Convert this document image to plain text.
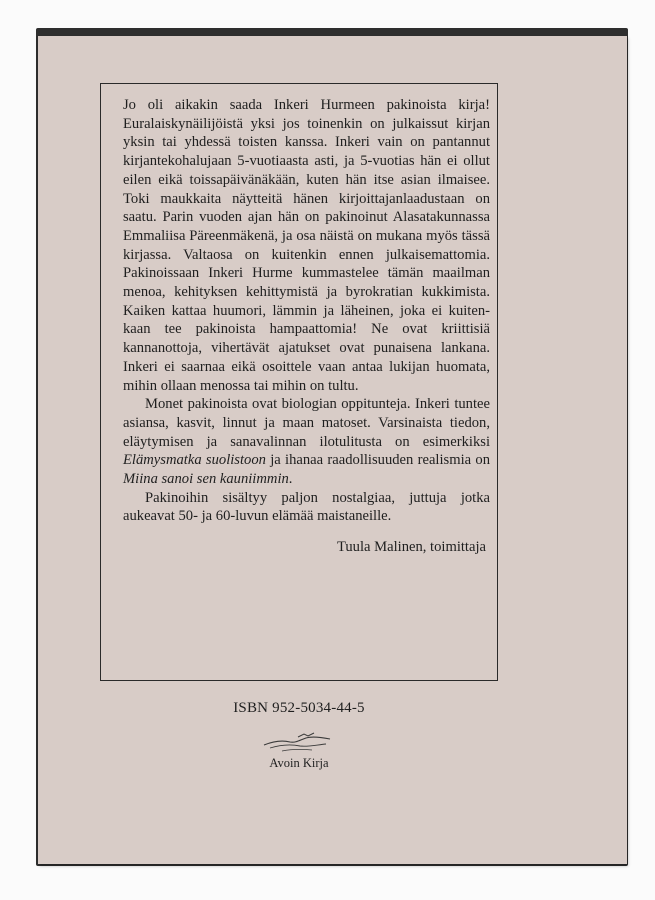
Jo oli aikakin saada Inkeri Hurmeen pakinoista kirja! Euralaiskynäilijöistä yksi jos toinenkin on julkaissut kirjan yksin tai yhdessä toisten kanssa. Inkeri vain on pantannut kirjantekohalujaan 5-vuotiaasta asti, ja 5-vuotias hän ei ollut eilen eikä toissapäivänäkään, kuten hän itse asian ilmaisee. Toki maukkaita näytteitä hänen kirjoittajanlaadustaan on saatu. Parin vuoden ajan hän on pakinoinut Alasatakunnassa Emmaliisa Päreenmäkenä, ja osa näistä on mukana myös tässä kirjassa. Valtaosa on kuitenkin ennen julkaisemattomia. Pakinoissaan Inkeri Hurme kummastelee tämän maailman menoa, kehityksen kehittymistä ja byrokratian kukkimista. Kaiken kattaa huumori, lämmin ja läheinen, joka ei kuitenkaan tee pakinoista hampaattomia! Ne ovat kriittisiä kannanottoja, vihertävät ajatukset ovat punaisena lankana. Inkeri ei saarnaa eikä osoittele vaan antaa lukijan huomata, mihin ollaan menossa tai mihin on tultu.

Monet pakinoista ovat biologian oppitunteja. Inkeri tuntee asiansa, kasvit, linnut ja maan matoset. Varsinaista tiedon, eläytymisen ja sanavalinnan ilotulitusta on esimerkiksi Elämysmatka suolistoon ja ihanaa raadollisuuden realismia on Miina sanoi sen kauniimmin.

Pakinoihin sisältyy paljon nostalgiaa, juttuja jotka aukeavat 50- ja 60-luvun elämää maistaneille.

Tuula Malinen, toimittaja

ISBN 952-5034-44-5
Avoin Kirja
